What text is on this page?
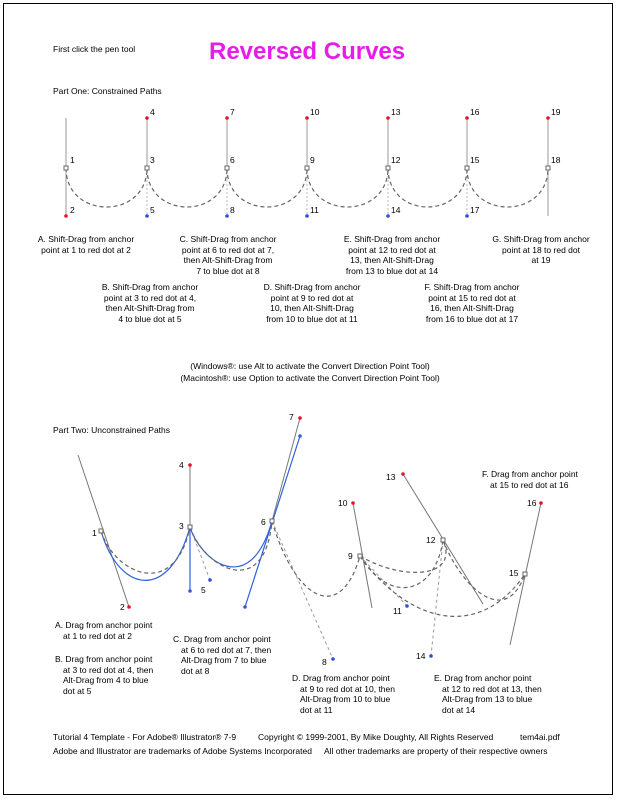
First click the pen tool	Reversed Curves
Part One: Constrained Paths
1
2
3
4
5
6
7
8
9
10
11
12
13
14
15
16
17
18
19
A. Shift-Drag from anchor
point at 1 to red dot at 2
B. Shift-Drag from anchor
point at 3 to red dot at 4,
then Alt-Shift-Drag from
4 to blue dot at 5
C. Shift-Drag from anchor
point at 6 to red dot at 7,
then Alt-Shift-Drag from
7 to blue dot at 8
D. Shift-Drag from anchor
point at 9 to red dot at
10, then Alt-Shift-Drag
from 10 to blue dot at 11
E. Shift-Drag from anchor
point at 12 to red dot at
13, then Alt-Shift-Drag
from 13 to blue dot at 14
F. Shift-Drag from anchor
point at 15 to red dot at
16, then Alt-Shift-Drag
from 16 to blue dot at 17
G. Shift-Drag from anchor
point at 18 to red dot
at 19
(Windows®: use Alt to activate the Convert Direction Point Tool)
(Macintosh®: use Option to activate the Convert Direction Point Tool)
Part Two: Unconstrained Paths
1
2
3
4
5
6
7
8
9
10
11
12
13
14
15
16
A. Drag from anchor point
at 1 to red dot at 2
B. Drag from anchor point
at 3 to red dot at 4, then
Alt-Drag from 4 to blue
dot at 5
C. Drag from anchor point
at 6 to red dot at 7, then
Alt-Drag from 7 to blue
dot at 8
D. Drag from anchor point
at 9 to red dot at 10, then
Alt-Drag from 10 to blue
dot at 11
E. Drag from anchor point
at 12 to red dot at 13, then
Alt-Drag from 13 to blue
dot at 14
F. Drag from anchor point
at 15 to red dot at 16
Tutorial 4 Template - For Adobe® Illustrator® 7-9	Copyright © 1999-2001, By Mike Doughty, All Rights Reserved	tem4ai.pdf
Adobe and Illustrator are trademarks of Adobe Systems Incorporated All other trademarks are property of their respective owners
